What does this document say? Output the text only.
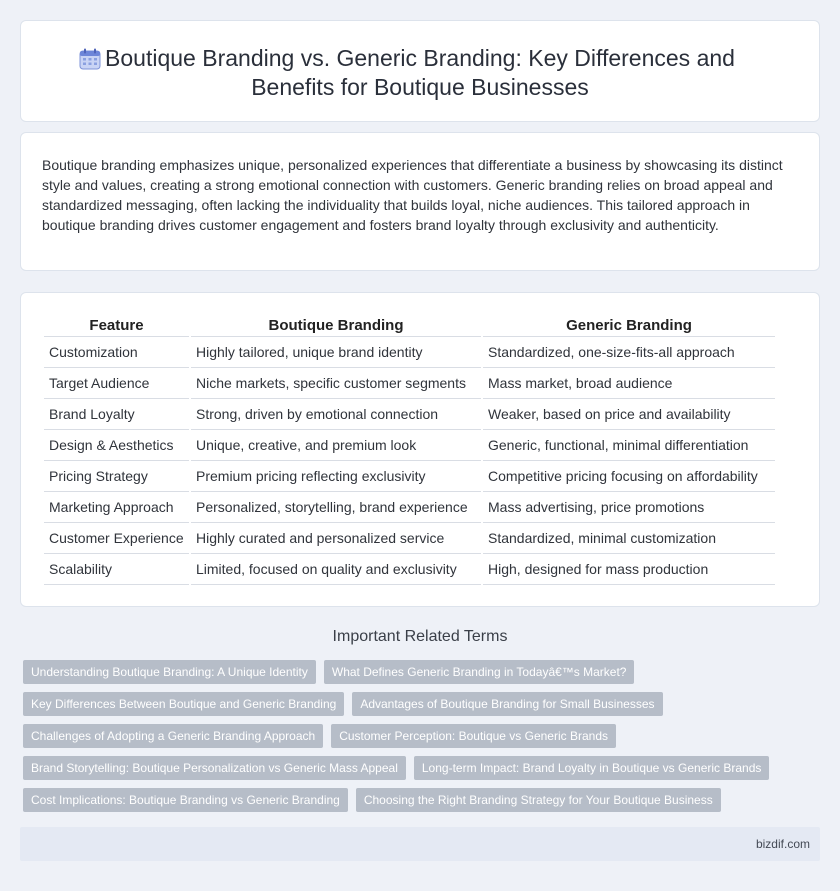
Boutique Branding vs. Generic Branding: Key Differences and Benefits for Boutique Businesses

Boutique branding emphasizes unique, personalized experiences that differentiate a business by showcasing its distinct style and values, creating a strong emotional connection with customers. Generic branding relies on broad appeal and standardized messaging, often lacking the individuality that builds loyal, niche audiences. This tailored approach in boutique branding drives customer engagement and fosters brand loyalty through exclusivity and authenticity.

Feature	Boutique Branding	Generic Branding
Customization	Highly tailored, unique brand identity	Standardized, one-size-fits-all approach
Target Audience	Niche markets, specific customer segments	Mass market, broad audience
Brand Loyalty	Strong, driven by emotional connection	Weaker, based on price and availability
Design & Aesthetics	Unique, creative, and premium look	Generic, functional, minimal differentiation
Pricing Strategy	Premium pricing reflecting exclusivity	Competitive pricing focusing on affordability
Marketing Approach	Personalized, storytelling, brand experience	Mass advertising, price promotions
Customer Experience	Highly curated and personalized service	Standardized, minimal customization
Scalability	Limited, focused on quality and exclusivity	High, designed for mass production
Important Related Terms
Understanding Boutique Branding: A Unique Identity	What Defines Generic Branding in Todayâ€™s Market?
Key Differences Between Boutique and Generic Branding	Advantages of Boutique Branding for Small Businesses
Challenges of Adopting a Generic Branding Approach	Customer Perception: Boutique vs Generic Brands
Brand Storytelling: Boutique Personalization vs Generic Mass Appeal	Long-term Impact: Brand Loyalty in Boutique vs Generic Brands
Cost Implications: Boutique Branding vs Generic Branding	Choosing the Right Branding Strategy for Your Boutique Business
bizdif.com
